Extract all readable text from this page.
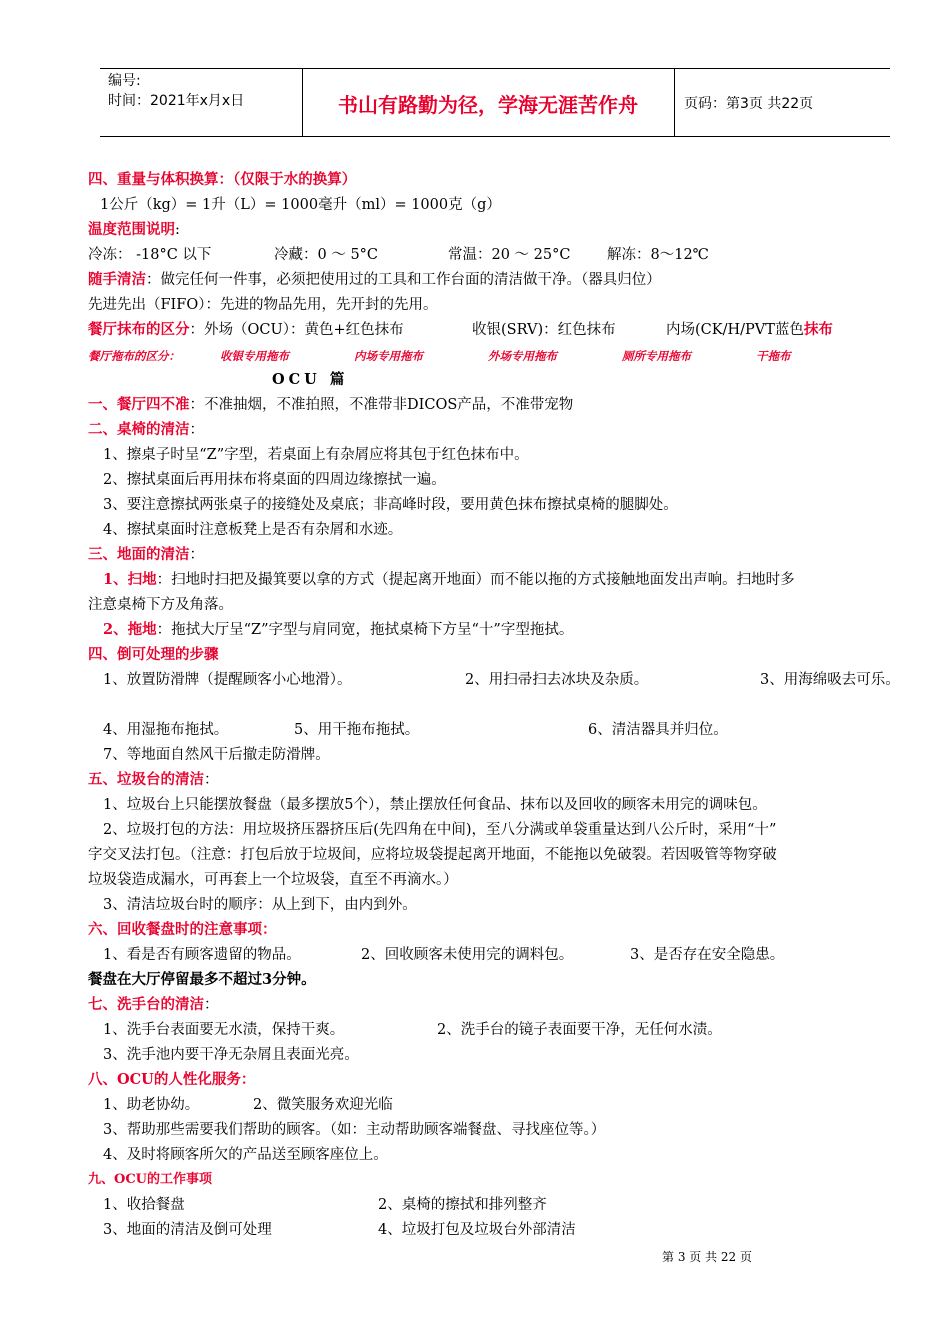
编号:
时间：2021年x月x日	书山有路勤为径，学海无涯苦作舟	页码：第3页 共22页
四、重量与体积换算：（仅限于水的换算）
1公斤（kg）= 1升（L）= 1000毫升（ml）= 1000克（g）
温度范围说明:
冷冻： -18°C 以下	冷藏：0 ～ 5°C	常温：20 ～ 25°C	解冻：8～12℃
随手清洁：做完任何一件事，必须把使用过的工具和工作台面的清洁做干净。（器具归位）
先进先出（FIFO）：先进的物品先用，先开封的先用。
餐厅抹布的区分：外场（OCU）：黄色+红色抹布	收银(SRV)：红色抹布	内场(CK/H/PVT蓝色抹布
餐厅拖布的区分：	收银专用拖布	内场专用拖布	外场专用拖布	厕所专用拖布	干拖布
OCU 篇
一、餐厅四不准：不准抽烟，不准拍照，不准带非DICOS产品，不准带宠物
二、桌椅的清洁：
1、擦桌子时呈“Z”字型，若桌面上有杂屑应将其包于红色抹布中。
2、擦拭桌面后再用抹布将桌面的四周边缘擦拭一遍。
3、要注意擦拭两张桌子的接缝处及桌底；非高峰时段，要用黄色抹布擦拭桌椅的腿脚处。
4、擦拭桌面时注意板凳上是否有杂屑和水迹。
三、地面的清洁：
1、扫地：扫地时扫把及撮箕要以拿的方式（提起离开地面）而不能以拖的方式接触地面发出声响。扫地时多
注意桌椅下方及角落。
2、拖地：拖拭大厅呈“Z”字型与肩同宽，拖拭桌椅下方呈“十”字型拖拭。
四、倒可处理的步骤
1、放置防滑牌（提醒顾客小心地滑）。	2、用扫帚扫去冰块及杂质。	3、用海绵吸去可乐。
4、用湿拖布拖拭。	5、用干拖布拖拭。	6、清洁器具并归位。
7、等地面自然风干后撤走防滑牌。
五、垃圾台的清洁：
1、垃圾台上只能摆放餐盘（最多摆放5个），禁止摆放任何食品、抹布以及回收的顾客未用完的调味包。
2、垃圾打包的方法：用垃圾挤压器挤压后(先四角在中间)，至八分满或单袋重量达到八公斤时，采用“十”
字交叉法打包。（注意：打包后放于垃圾间，应将垃圾袋提起离开地面，不能拖以免破裂。若因吸管等物穿破
垃圾袋造成漏水，可再套上一个垃圾袋，直至不再滴水。）
3、清洁垃圾台时的顺序：从上到下，由内到外。
六、回收餐盘时的注意事项：
1、看是否有顾客遗留的物品。	2、回收顾客未使用完的调料包。	3、是否存在安全隐患。
餐盘在大厅停留最多不超过3分钟。
七、洗手台的清洁：
1、洗手台表面要无水渍，保持干爽。	2、洗手台的镜子表面要干净，无任何水渍。
3、洗手池内要干净无杂屑且表面光亮。
八、OCU的人性化服务：
1、助老协幼。	2、微笑服务欢迎光临
3、帮助那些需要我们帮助的顾客。（如：主动帮助顾客端餐盘、寻找座位等。）
4、及时将顾客所欠的产品送至顾客座位上。
九、OCU的工作事项
1、收拾餐盘	2、桌椅的擦拭和排列整齐
3、地面的清洁及倒可处理	4、垃圾打包及垃圾台外部清洁
第 3 页 共 22 页
